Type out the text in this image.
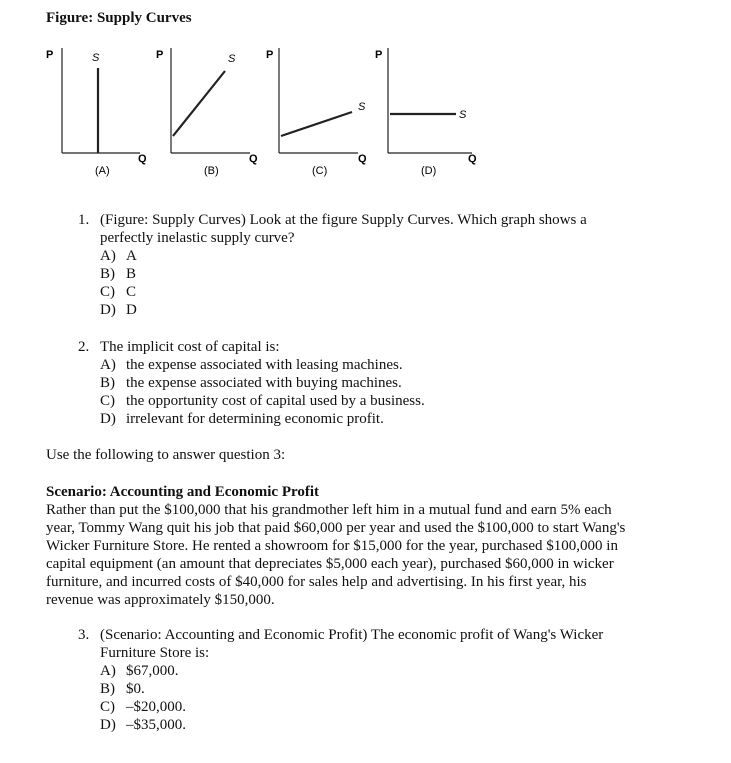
Figure: Supply Curves
P	S
Q
(A)
P	S
Q
(B)
P
S
Q
(C)
P
S
Q
(D)
1. (Figure: Supply Curves) Look at the figure Supply Curves. Which graph shows a
perfectly inelastic supply curve?
A) A
B) B
C) C
D) D
2. The implicit cost of capital is:
A) the expense associated with leasing machines.
B) the expense associated with buying machines.
C) the opportunity cost of capital used by a business.
D) irrelevant for determining economic profit.
Use the following to answer question 3:
Scenario: Accounting and Economic Profit
Rather than put the $100,000 that his grandmother left him in a mutual fund and earn 5% each
year, Tommy Wang quit his job that paid $60,000 per year and used the $100,000 to start Wang's
Wicker Furniture Store. He rented a showroom for $15,000 for the year, purchased $100,000 in
capital equipment (an amount that depreciates $5,000 each year), purchased $60,000 in wicker
furniture, and incurred costs of $40,000 for sales help and advertising. In his first year, his
revenue was approximately $150,000.
3. (Scenario: Accounting and Economic Profit) The economic profit of Wang's Wicker
Furniture Store is:
A) $67,000.
B) $0.
C) –$20,000.
D) –$35,000.
